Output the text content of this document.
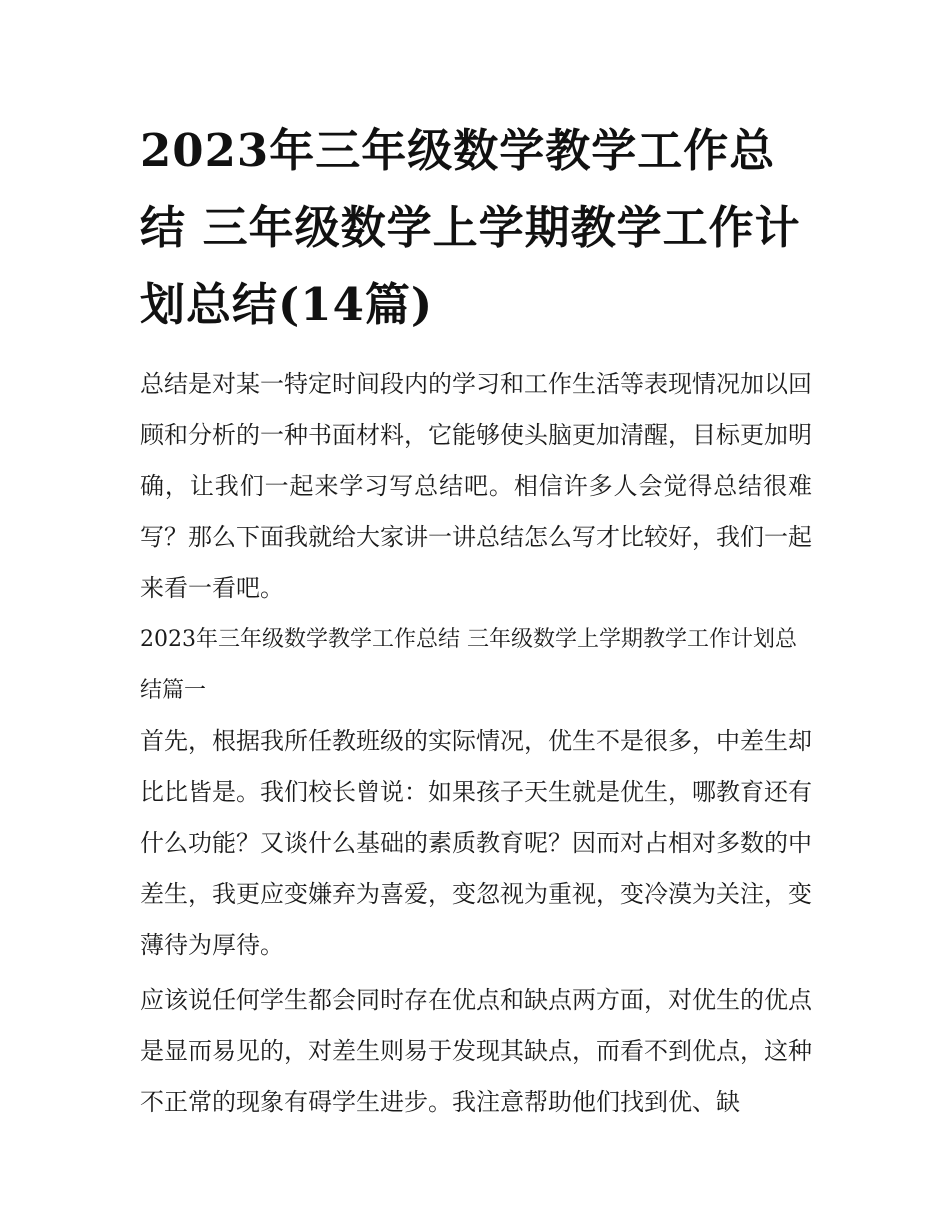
2023年三年级数学教学工作总结 三年级数学上学期教学工作计划总结(14篇)

总结是对某一特定时间段内的学习和工作生活等表现情况加以回顾和分析的一种书面材料，它能够使头脑更加清醒，目标更加明确，让我们一起来学习写总结吧。相信许多人会觉得总结很难写？那么下面我就给大家讲一讲总结怎么写才比较好，我们一起来看一看吧。

2023年三年级数学教学工作总结 三年级数学上学期教学工作计划总结篇一

首先，根据我所任教班级的实际情况，优生不是很多，中差生却比比皆是。我们校长曾说：如果孩子天生就是优生，哪教育还有什么功能？又谈什么基础的素质教育呢？因而对占相对多数的中差生，我更应变嫌弃为喜爱，变忽视为重视，变冷漠为关注，变薄待为厚待。

应该说任何学生都会同时存在优点和缺点两方面，对优生的优点是显而易见的，对差生则易于发现其缺点，而看不到优点，这种不正常的现象有碍学生进步。我注意帮助他们找到优、缺
